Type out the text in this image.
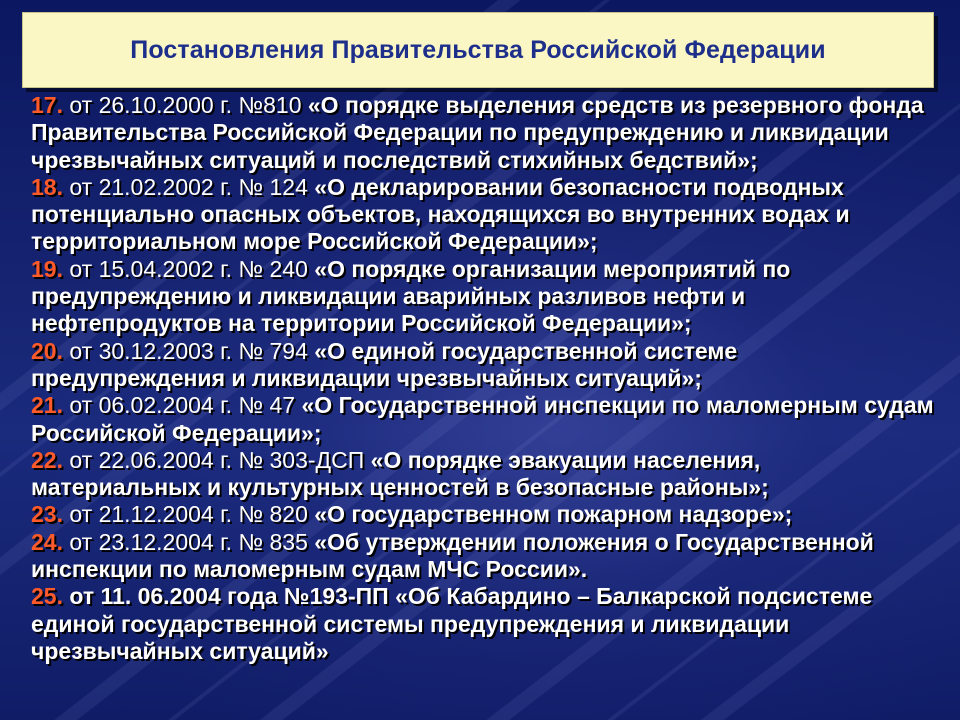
Постановления Правительства Российской Федерации
17. от 26.10.2000 г. №810 «О порядке выделения средств из резервного фонда Правительства Российской Федерации по предупреждению и ликвидации чрезвычайных ситуаций и последствий стихийных бедствий»;
18. от 21.02.2002 г. № 124 «О декларировании безопасности подводных потенциально опасных объектов, находящихся во внутренних водах и территориальном море Российской Федерации»;
19. от 15.04.2002 г. № 240 «О порядке организации мероприятий по предупреждению и ликвидации аварийных разливов нефти и нефтепродуктов на территории Российской Федерации»;
20. от 30.12.2003 г. № 794 «О единой государственной системе предупреждения и ликвидации чрезвычайных ситуаций»;
21. от 06.02.2004 г. № 47 «О Государственной инспекции по маломерным судам Российской Федерации»;
22. от 22.06.2004 г. № 303-ДСП «О порядке эвакуации населения, материальных и культурных ценностей в безопасные районы»;
23. от 21.12.2004 г. № 820 «О государственном пожарном надзоре»;
24. от 23.12.2004 г. № 835 «Об утверждении положения о Государственной инспекции по маломерным судам МЧС России».
25. от 11. 06.2004 года №193-ПП «Об Кабардино – Балкарской подсистеме единой государственной системы предупреждения и ликвидации чрезвычайных ситуаций»
